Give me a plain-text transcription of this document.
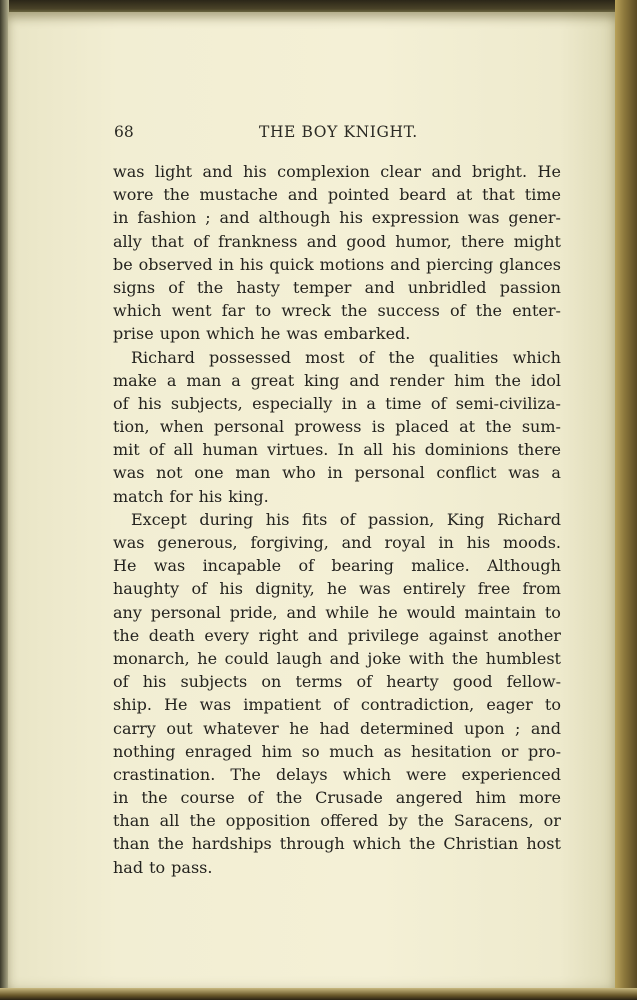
68	THE BOY KNIGHT.
was light and his complexion clear and bright. He
wore the mustache and pointed beard at that time
in fashion ; and although his expression was gener-
ally that of frankness and good humor, there might
be observed in his quick motions and piercing glances
signs of the hasty temper and unbridled passion
which went far to wreck the success of the enter-
prise upon which he was embarked.
Richard possessed most of the qualities which
make a man a great king and render him the idol
of his subjects, especially in a time of semi-civiliza-
tion, when personal prowess is placed at the sum-
mit of all human virtues. In all his dominions there
was not one man who in personal conflict was a
match for his king.
Except during his fits of passion, King Richard
was generous, forgiving, and royal in his moods.
He was incapable of bearing malice. Although
haughty of his dignity, he was entirely free from
any personal pride, and while he would maintain to
the death every right and privilege against another
monarch, he could laugh and joke with the humblest
of his subjects on terms of hearty good fellow-
ship. He was impatient of contradiction, eager to
carry out whatever he had determined upon ; and
nothing enraged him so much as hesitation or pro-
crastination. The delays which were experienced
in the course of the Crusade angered him more
than all the opposition offered by the Saracens, or
than the hardships through which the Christian host
had to pass.
